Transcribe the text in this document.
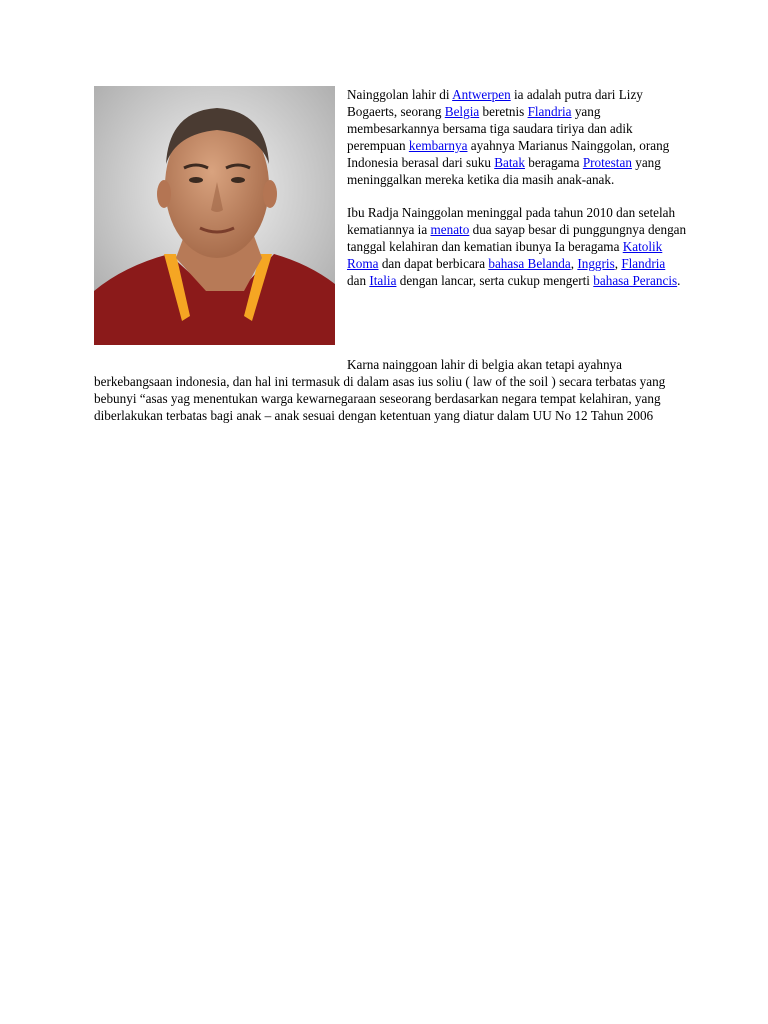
Nainggolan lahir di Antwerpen ia adalah putra dari Lizy Bogaerts, seorang Belgia beretnis Flandria yang membesarkannya bersama tiga saudara tiriya dan adik perempuan kembarnya ayahnya Marianus Nainggolan, orang Indonesia berasal dari suku Batak beragama Protestan yang meninggalkan mereka ketika dia masih anak-anak.

Ibu Radja Nainggolan meninggal pada tahun 2010 dan setelah kematiannya ia menato dua sayap besar di punggungnya dengan tanggal kelahiran dan kematian ibunya Ia beragama Katolik Roma dan dapat berbicara bahasa Belanda, Inggris, Flandria dan Italia dengan lancar, serta cukup mengerti bahasa Perancis.

Karna nainggoan lahir di belgia akan tetapi ayahnya berkebangsaan indonesia, dan hal ini termasuk di dalam asas ius soliu ( law of the soil ) secara terbatas yang bebunyi “asas yag menentukan warga kewarnegaraan seseorang berdasarkan negara tempat kelahiran, yang diberlakukan terbatas bagi anak – anak sesuai dengan ketentuan yang diatur dalam UU No 12 Tahun 2006
